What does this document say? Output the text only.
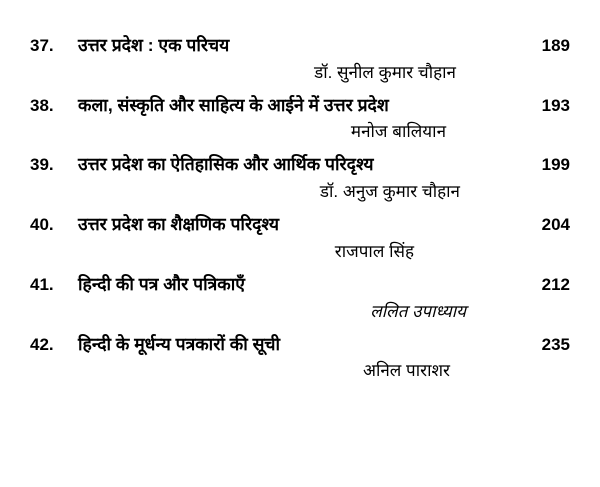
37.	उत्तर प्रदेश : एक परिचय	189
डॉ. सुनील कुमार चौहान
38.	कला, संस्कृति और साहित्य के आईने में उत्तर प्रदेश	193
मनोज बालियान
39.	उत्तर प्रदेश का ऐतिहासिक और आर्थिक परिदृश्य	199
डॉ. अनुज कुमार चौहान
40.	उत्तर प्रदेश का शैक्षणिक परिदृश्य	204
राजपाल सिंह
41.	हिन्दी की पत्र और पत्रिकाएँ	212
ललित उपाध्याय
42.	हिन्दी के मूर्धन्य पत्रकारों की सूची	235
अनिल पाराशर
